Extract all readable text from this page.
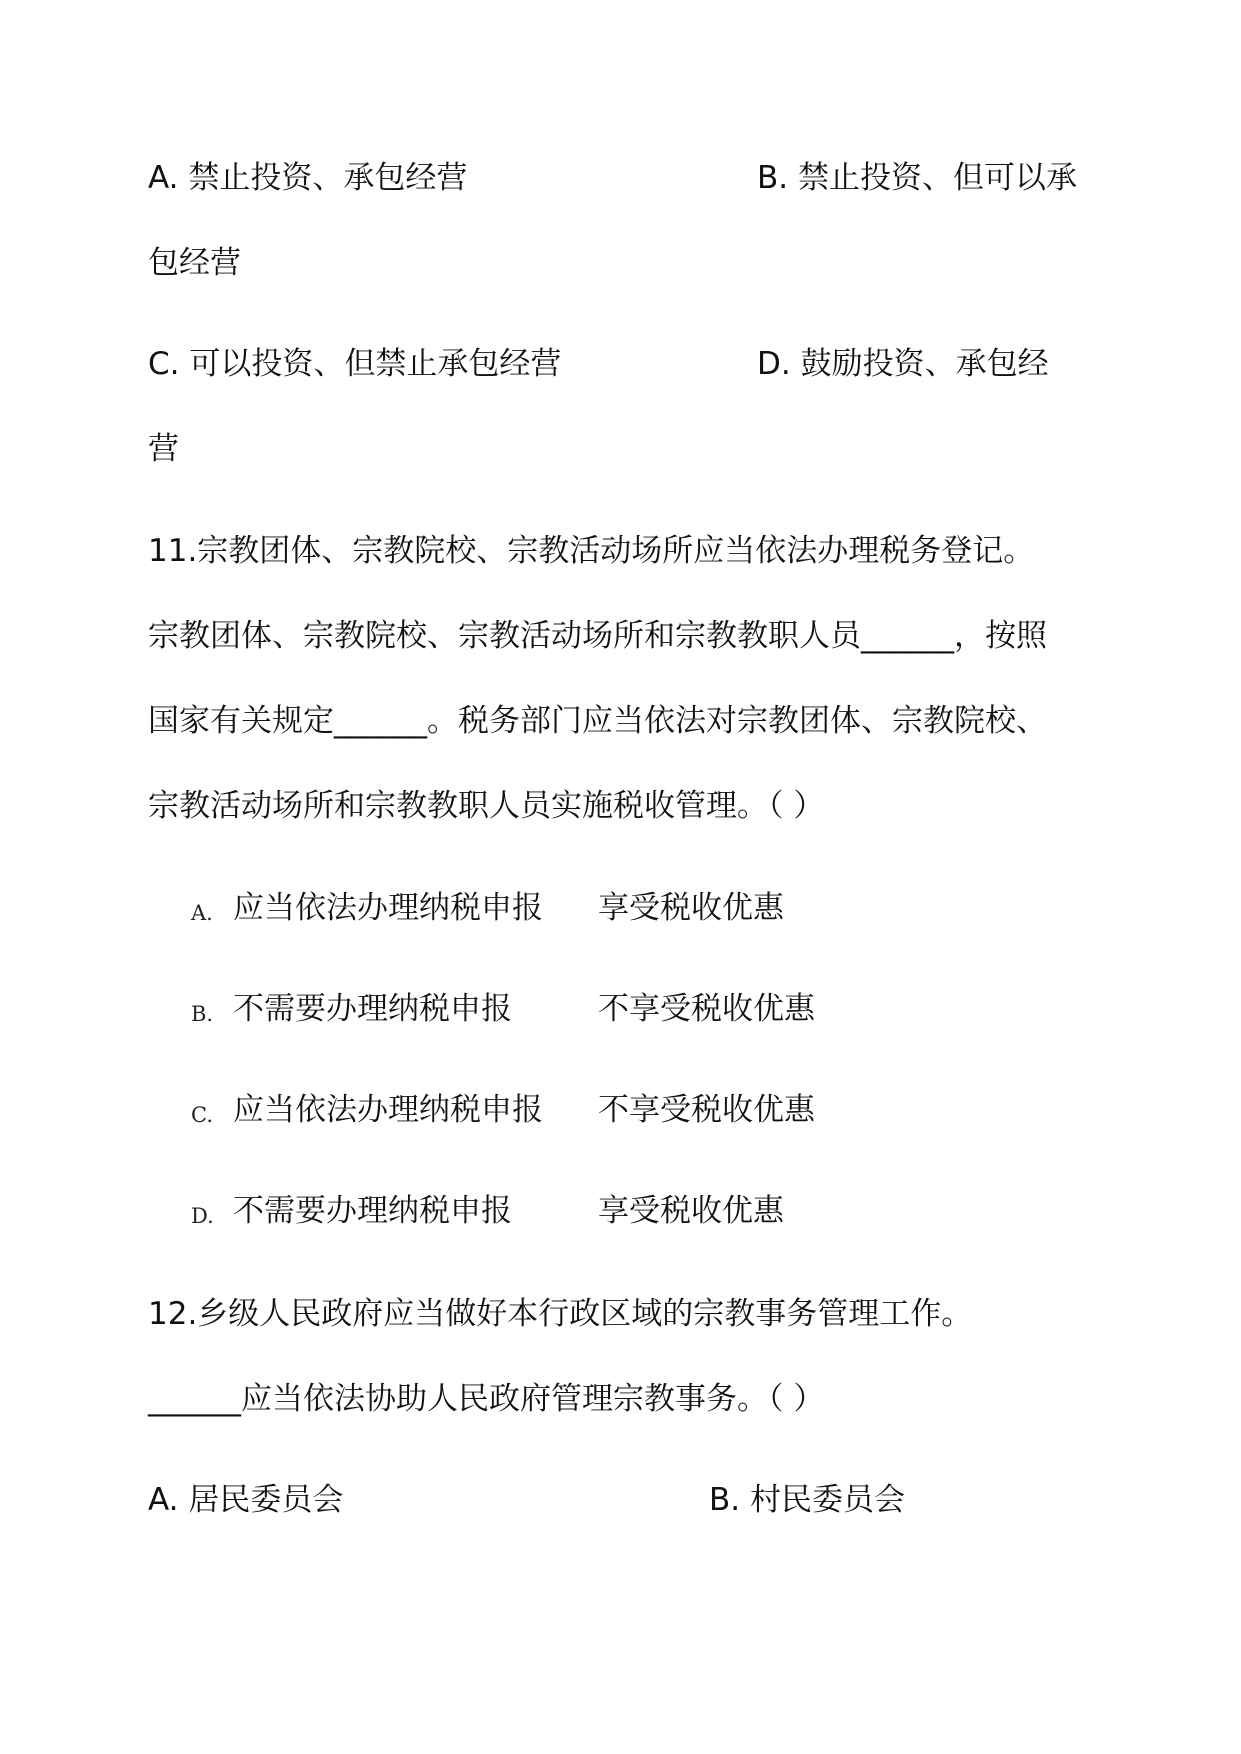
A. 禁止投资、承包经营	B. 禁止投资、但可以承
包经营
C. 可以投资、但禁止承包经营	D. 鼓励投资、承包经
营
11.宗教团体、宗教院校、宗教活动场所应当依法办理税务登记。
宗教团体、宗教院校、宗教活动场所和宗教教职人员______，按照
国家有关规定______。税务部门应当依法对宗教团体、宗教院校、
宗教活动场所和宗教教职人员实施税收管理。（ ）
A. 应当依法办理纳税申报 享受税收优惠
B. 不需要办理纳税申报	不享受税收优惠
C. 应当依法办理纳税申报 不享受税收优惠
D. 不需要办理纳税申报	享受税收优惠
12.乡级人民政府应当做好本行政区域的宗教事务管理工作。
______应当依法协助人民政府管理宗教事务。（ ）
A. 居民委员会	B. 村民委员会
